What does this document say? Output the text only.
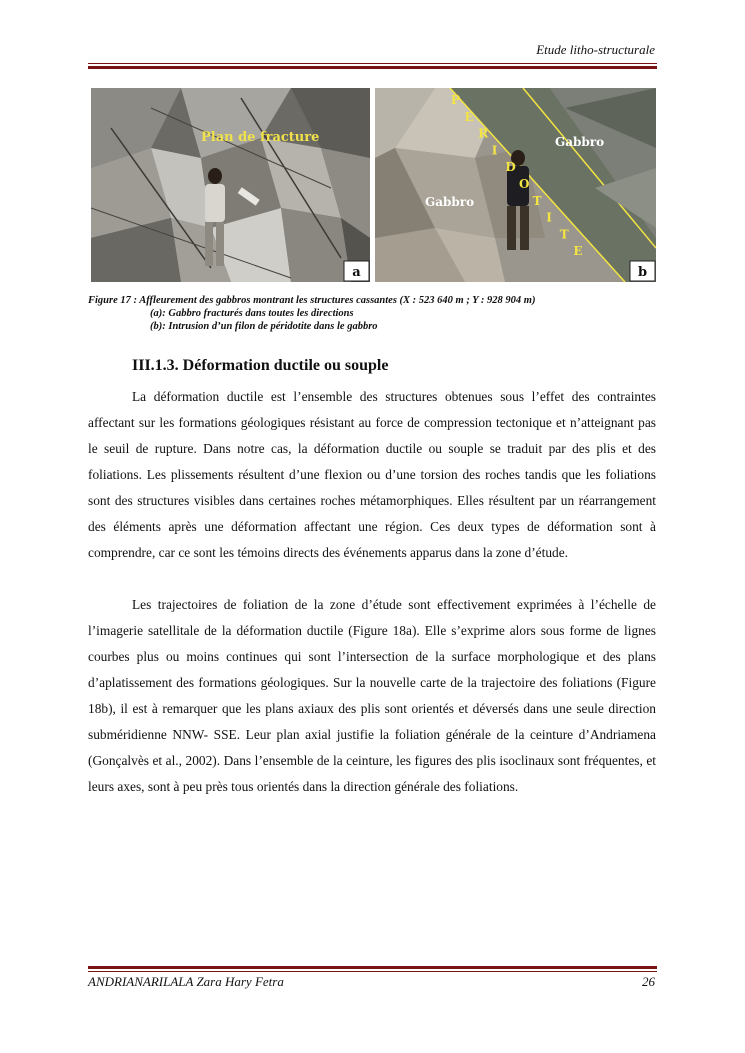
Etude litho-structurale
Plan de fracture
a
Gabbro
Gabbro
P
E
R
I
D
O
T
I
T
E
b
Figure 17 : Affleurement des gabbros montrant les structures cassantes (X : 523 640 m ; Y : 928 904 m)
(a): Gabbro fracturés dans toutes les directions
(b): Intrusion d’un filon de péridotite dans le gabbro
III.1.3. Déformation ductile ou souple

La déformation ductile est l’ensemble des structures obtenues sous l’effet des contraintes affectant sur les formations géologiques résistant au force de compression tectonique et n’atteignant pas le seuil de rupture. Dans notre cas, la déformation ductile ou souple se traduit par des plis et des foliations. Les plissements résultent d’une flexion ou d’une torsion des roches tandis que les foliations sont des structures visibles dans certaines roches métamorphiques. Elles résultent par un réarrangement des éléments après une déformation affectant une région. Ces deux types de déformation sont à comprendre, car ce sont les témoins directs des événements apparus dans la zone d’étude.

Les trajectoires de foliation de la zone d’étude sont effectivement exprimées à l’échelle de l’imagerie satellitale de la déformation ductile (Figure 18a). Elle s’exprime alors sous forme de lignes courbes plus ou moins continues qui sont l’intersection de la surface morphologique et des plans d’aplatissement des formations géologiques. Sur la nouvelle carte de la trajectoire des foliations (Figure 18b), il est à remarquer que les plans axiaux des plis sont orientés et déversés dans une seule direction subméridienne NNW- SSE. Leur plan axial justifie la foliation générale de la ceinture d’Andriamena (Gonçalvès et al., 2002). Dans l’ensemble de la ceinture, les figures des plis isoclinaux sont fréquentes, et leurs axes, sont à peu près tous orientés dans la direction générale des foliations.

ANDRIANARILALA Zara Hary Fetra	26
